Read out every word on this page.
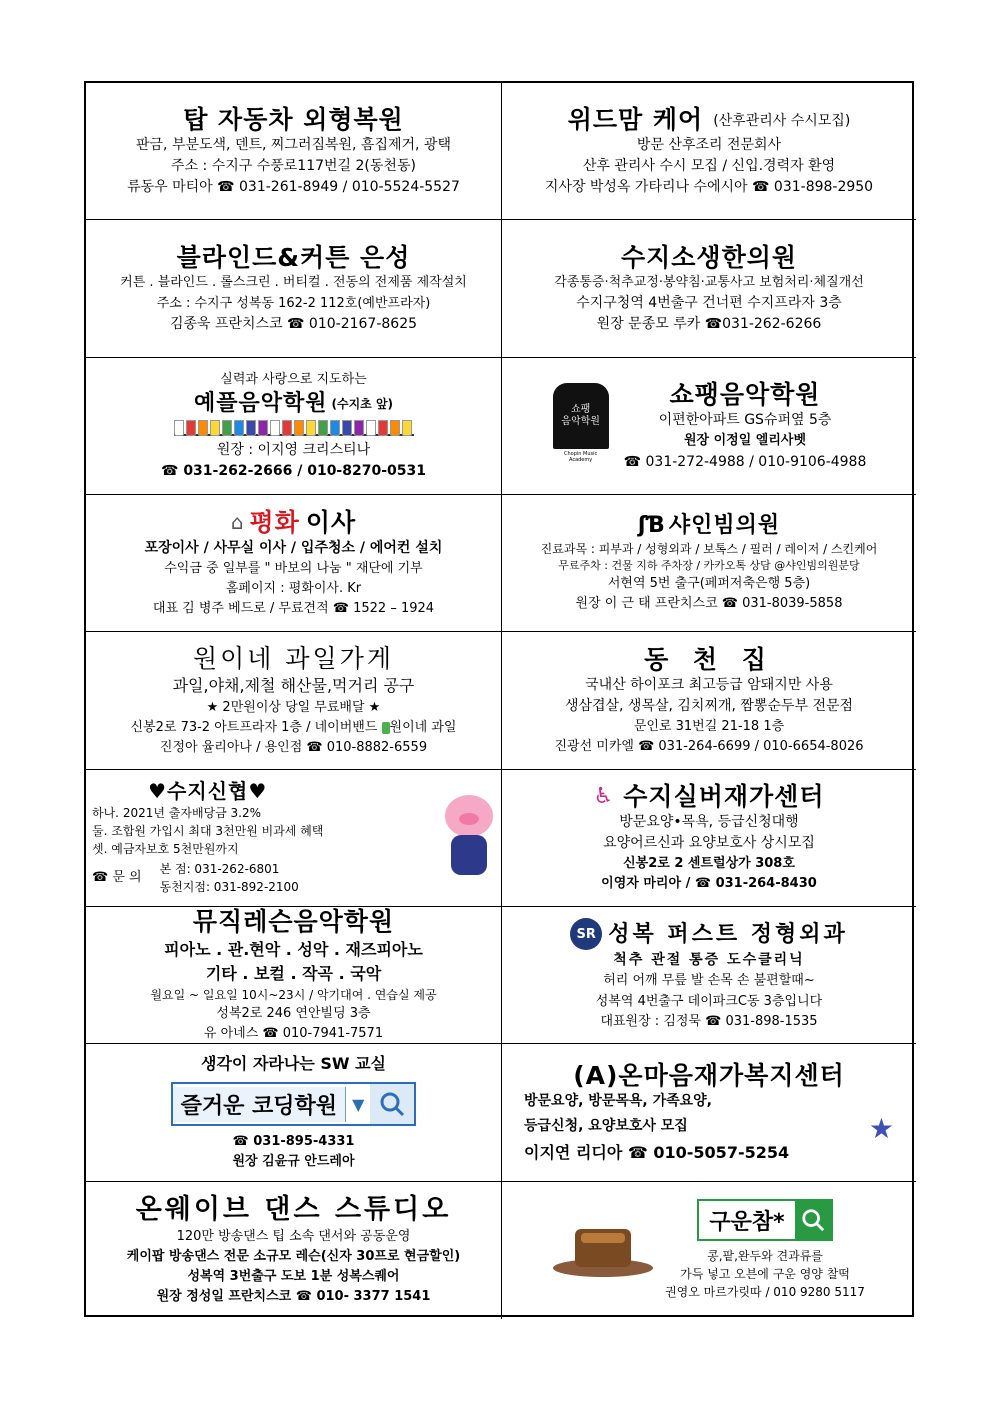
탑 자동차 외형복원
판금, 부분도색, 덴트, 찌그러짐복원, 흠집제거, 광택
주소 : 수지구 수풍로117번길 2(동천동)
류동우 마티아 ☎ 031-261-8949 / 010-5524-5527
위드맘 케어 (산후관리사 수시모집)
방문 산후조리 전문회사
산후 관리사 수시 모집 / 신입.경력자 환영
지사장 박성옥 가타리나 수에시아 ☎ 031-898-2950
블라인드&커튼 은성
커튼 . 블라인드 . 롤스크린 . 버티컬 . 전동의 전제품 제작설치
주소 : 수지구 성복동 162-2 112호(예반프라자)
김종욱 프란치스코 ☎ 010-2167-8625
수지소생한의원
각종통증·척추교정·봉약침·교통사고 보험처리·체질개선
수지구청역 4번출구 건너편 수지프라자 3층
원장 문종모 루카 ☎031-262-6266
실력과 사랑으로 지도하는
예플음악학원 (수지초 앞)
원장 : 이지영 크리스티나
☎ 031-262-2666 / 010-8270-0531
쇼팽
음악학원
Chopin Music Academy
쇼팽음악학원
이편한아파트 GS슈퍼옆 5층
원장 이정일 엘리사벳
☎ 031-272-4988 / 010-9106-4988
⌂ 평화 이사
포장이사 / 사무실 이사 / 입주청소 / 에어컨 설치
수익금 중 일부를 " 바보의 나눔 " 재단에 기부
홈페이지 : 평화이사. Kr
대표 김 병주 베드로 / 무료견적 ☎ 1522 – 1924
ʃƁ 샤인빔의원
진료과목 : 피부과 / 성형외과 / 보톡스 / 필러 / 레이저 / 스킨케어
무료주차 : 건물 지하 주차장 / 카카오톡 상담 @샤인빔의원분당
서현역 5번 출구(페퍼저축은행 5층)
원장 이 근 태 프란치스코 ☎ 031-8039-5858
원이네 과일가게
과일,야채,제철 해산물,먹거리 공구
★ 2만원이상 당일 무료배달 ★
신봉2로 73-2 아트프라자 1층 / 네이버밴드 원이네 과일
진정아 율리아나 / 용인점 ☎ 010-8882-6559
동 천 집
국내산 하이포크 최고등급 암돼지만 사용
생삼겹살, 생목살, 김치찌개, 짬뽕순두부 전문점
문인로 31번길 21-18 1층
진광선 미카엘 ☎ 031-264-6699 / 010-6654-8026
♥수지신협♥
하나. 2021년 출자배당금 3.2%
둘. 조합원 가입시 최대 3천만원 비과세 혜택
셋. 예금자보호 5천만원까지
☎ 문 의
본 점: 031-262-6801
동천지점: 031-892-2100
♿ 수지실버재가센터
방문요양•목욕, 등급신청대행
요양어르신과 요양보호사 상시모집
신봉2로 2 센트럴상가 308호
이영자 마리아 / ☎ 031-264-8430
뮤직레슨음악학원
피아노 . 관.현악 . 성악 . 재즈피아노
기타 . 보컬 . 작곡 . 국악
월요일 ~ 일요일 10시~23시 / 악기대여 . 연습실 제공
성복2로 246 연안빌딩 3층
유 아네스 ☎ 010-7941-7571
SR 성복 퍼스트 정형외과
척추 관절 통증 도수클리닉
허리 어깨 무릎 발 손목 손 불편할때~
성복역 4번출구 데이파크C동 3층입니다
대표원장 : 김정묵 ☎ 031-898-1535
생각이 자라나는 SW 교실
즐거운 코딩학원 ▼
☎ 031-895-4331
원장 김윤규 안드레아
(A)온마음재가복지센터
방문요양, 방문목욕, 가족요양,
등급신청, 요양보호사 모집
이지연 리디아 ☎ 010-5057-5254
★
온웨이브 댄스 스튜디오
120만 방송댄스 팁 소속 댄서와 공동운영
케이팝 방송댄스 전문 소규모 레슨(신자 30프로 현금할인)
성복역 3번출구 도보 1분 성복스퀘어
원장 정성일 프란치스코 ☎ 010- 3377 1541
구운참*
콩,팥,완두와 견과류를
가득 넣고 오븐에 구운 영양 찰떡
권영오 마르가릿따 / 010 9280 5117
